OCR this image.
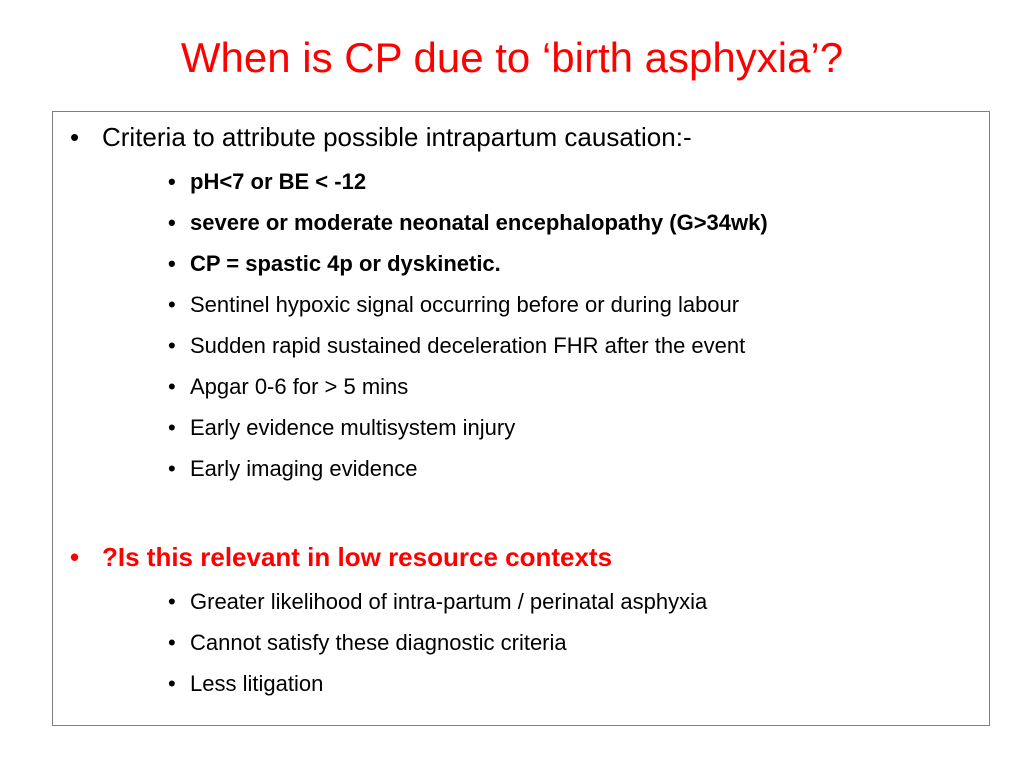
When is CP due to ‘birth asphyxia’?
• Criteria to attribute possible intrapartum causation:-
• pH<7 or BE < -12
• severe or moderate neonatal encephalopathy (G>34wk)
• CP = spastic 4p or dyskinetic.
• Sentinel hypoxic signal occurring before or during labour
• Sudden rapid sustained deceleration FHR after the event
• Apgar 0-6 for > 5 mins
• Early evidence multisystem injury
• Early imaging evidence
• ?Is this relevant in low resource contexts
• Greater likelihood of intra-partum / perinatal asphyxia
• Cannot satisfy these diagnostic criteria
• Less litigation
